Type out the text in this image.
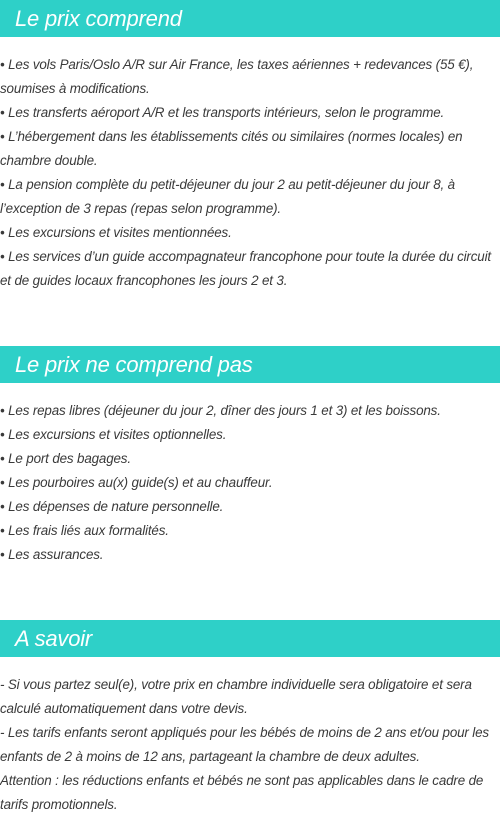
Le prix comprend
• Les vols Paris/Oslo A/R sur Air France, les taxes aériennes + redevances (55 €), soumises à modifications.
• Les transferts aéroport A/R et les transports intérieurs, selon le programme.
• L’hébergement dans les établissements cités ou similaires (normes locales) en chambre double.
• La pension complète du petit-déjeuner du jour 2 au petit-déjeuner du jour 8, à l’exception de 3 repas (repas selon programme).
• Les excursions et visites mentionnées.
• Les services d’un guide accompagnateur francophone pour toute la durée du circuit et de guides locaux francophones les jours 2 et 3.
Le prix ne comprend pas
• Les repas libres (déjeuner du jour 2, dîner des jours 1 et 3) et les boissons.
• Les excursions et visites optionnelles.
• Le port des bagages.
• Les pourboires au(x) guide(s) et au chauffeur.
• Les dépenses de nature personnelle.
• Les frais liés aux formalités.
• Les assurances.
A savoir
- Si vous partez seul(e), votre prix en chambre individuelle sera obligatoire et sera calculé automatiquement dans votre devis.
- Les tarifs enfants seront appliqués pour les bébés de moins de 2 ans et/ou pour les enfants de 2 à moins de 12 ans, partageant la chambre de deux adultes.
Attention : les réductions enfants et bébés ne sont pas applicables dans le cadre de tarifs promotionnels.
